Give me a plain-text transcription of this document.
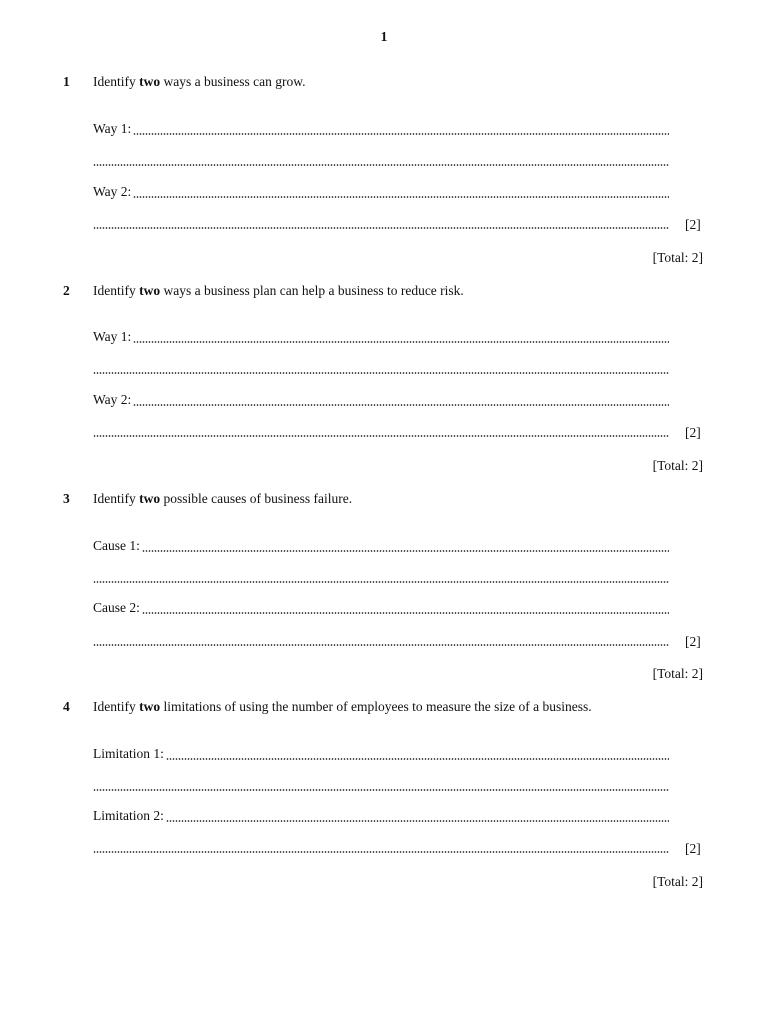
1
1 Identify two ways a business can grow.
Way 1:
Way 2:
[2]
[Total: 2]
2 Identify two ways a business plan can help a business to reduce risk.
Way 1:
Way 2:
[2]
[Total: 2]
3 Identify two possible causes of business failure.
Cause 1:
Cause 2:
[2]
[Total: 2]
4 Identify two limitations of using the number of employees to measure the size of a business.
Limitation 1:
Limitation 2:
[2]
[Total: 2]
